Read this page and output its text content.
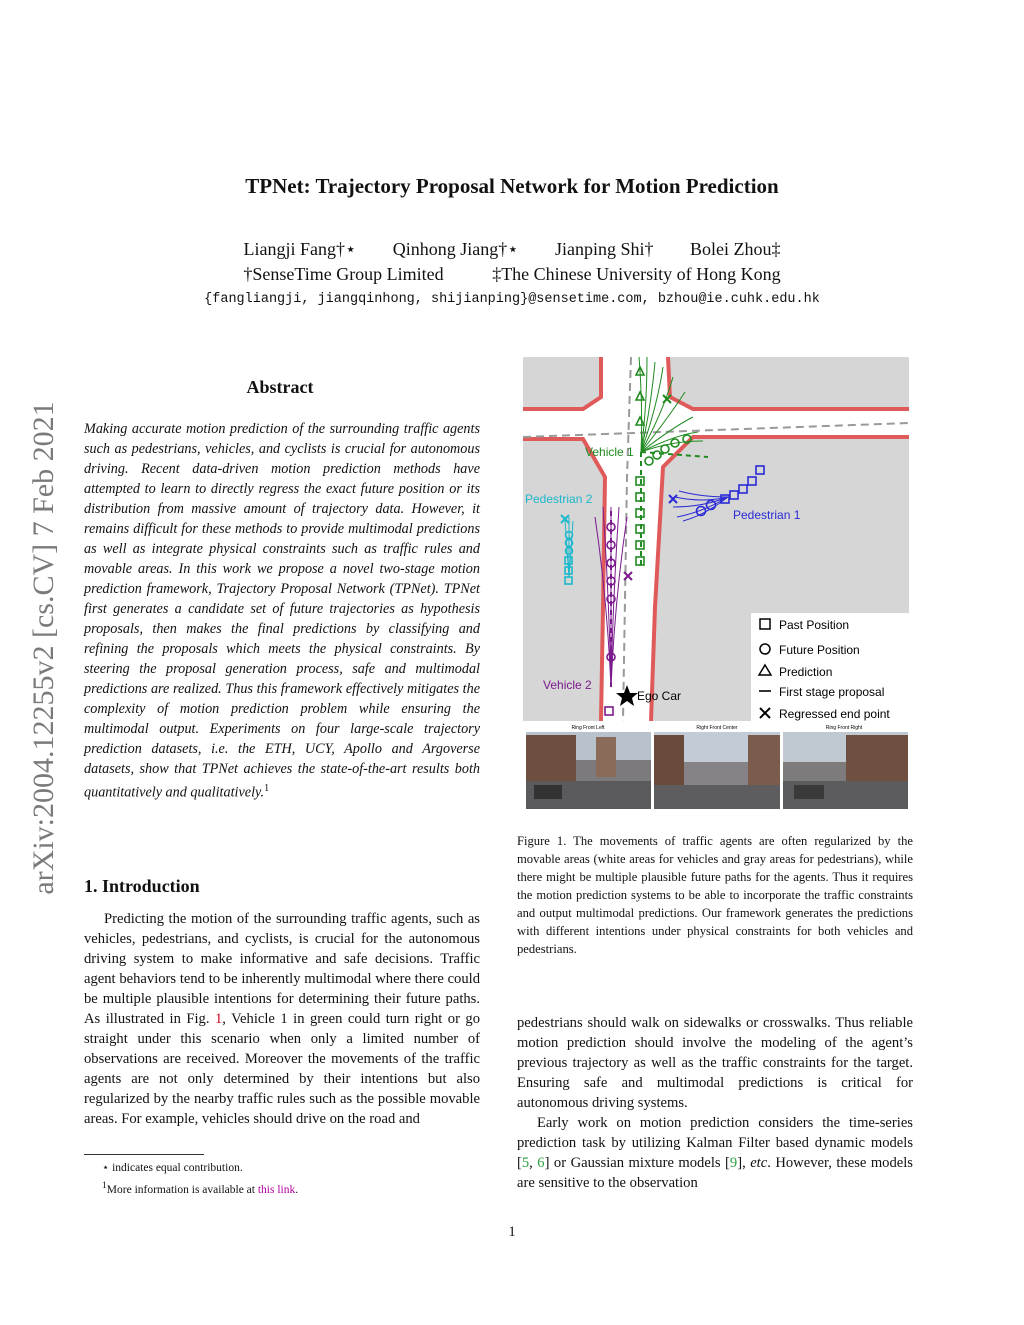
TPNet: Trajectory Proposal Network for Motion Prediction
Liangji Fang†⋆ Qinhong Jiang†⋆ Jianping Shi† Bolei Zhou‡
†SenseTime Group Limited	‡The Chinese University of Hong Kong
{fangliangji, jiangqinhong, shijianping}@sensetime.com, bzhou@ie.cuhk.edu.hk
arXiv:2004.12255v2 [cs.CV] 7 Feb 2021
Abstract
Making accurate motion prediction of the surrounding traffic agents such as pedestrians, vehicles, and cyclists is crucial for autonomous driving. Recent data-driven motion prediction methods have attempted to learn to directly regress the exact future position or its distribution from massive amount of trajectory data. However, it remains difficult for these methods to provide multimodal predictions as well as integrate physical constraints such as traffic rules and movable areas. In this work we propose a novel two-stage motion prediction framework, Trajectory Proposal Network (TPNet). TPNet first generates a candidate set of future trajectories as hypothesis proposals, then makes the final predictions by classifying and refining the proposals which meets the physical constraints. By steering the proposal generation process, safe and multimodal predictions are realized. Thus this framework effectively mitigates the complexity of motion prediction problem while ensuring the multimodal output. Experiments on four large-scale trajectory prediction datasets, i.e. the ETH, UCY, Apollo and Argoverse datasets, show that TPNet achieves the state-of-the-art results both quantitatively and qualitatively.$^1$
1. Introduction
Predicting the motion of the surrounding traffic agents, such as vehicles, pedestrians, and cyclists, is crucial for the autonomous driving system to make informative and safe decisions. Traffic agent behaviors tend to be inherently multimodal where there could be multiple plausible intentions for determining their future paths. As illustrated in Fig. 1, Vehicle 1 in green could turn right or go straight under this scenario when only a limited number of observations are received. Moreover the movements of the traffic agents are not only determined by their intentions but also regularized by the nearby traffic rules such as the possible movable areas. For example, vehicles should drive on the road and
⋆ indicates equal contribution.
$^1$More information is available at this link.
Vehicle 1
Pedestrian 2
Pedestrian 1
Vehicle 2
Ego Car
Past Position
Future Position
Prediction
First stage proposal
Regressed end point
Ring Front Left	Right Front Center	Ring Front Right
Figure 1. The movements of traffic agents are often regularized by the movable areas (white areas for vehicles and gray areas for pedestrians), while there might be multiple plausible future paths for the agents. Thus it requires the motion prediction systems to be able to incorporate the traffic constraints and output multimodal predictions. Our framework generates the predictions with different intentions under physical constraints for both vehicles and pedestrians.
pedestrians should walk on sidewalks or crosswalks. Thus reliable motion prediction should involve the modeling of the agent’s previous trajectory as well as the traffic constraints for the target. Ensuring safe and multimodal predictions is critical for autonomous driving systems.
Early work on motion prediction considers the time-series prediction task by utilizing Kalman Filter based dynamic models [5, 6] or Gaussian mixture models [9], etc. However, these models are sensitive to the observation
1
